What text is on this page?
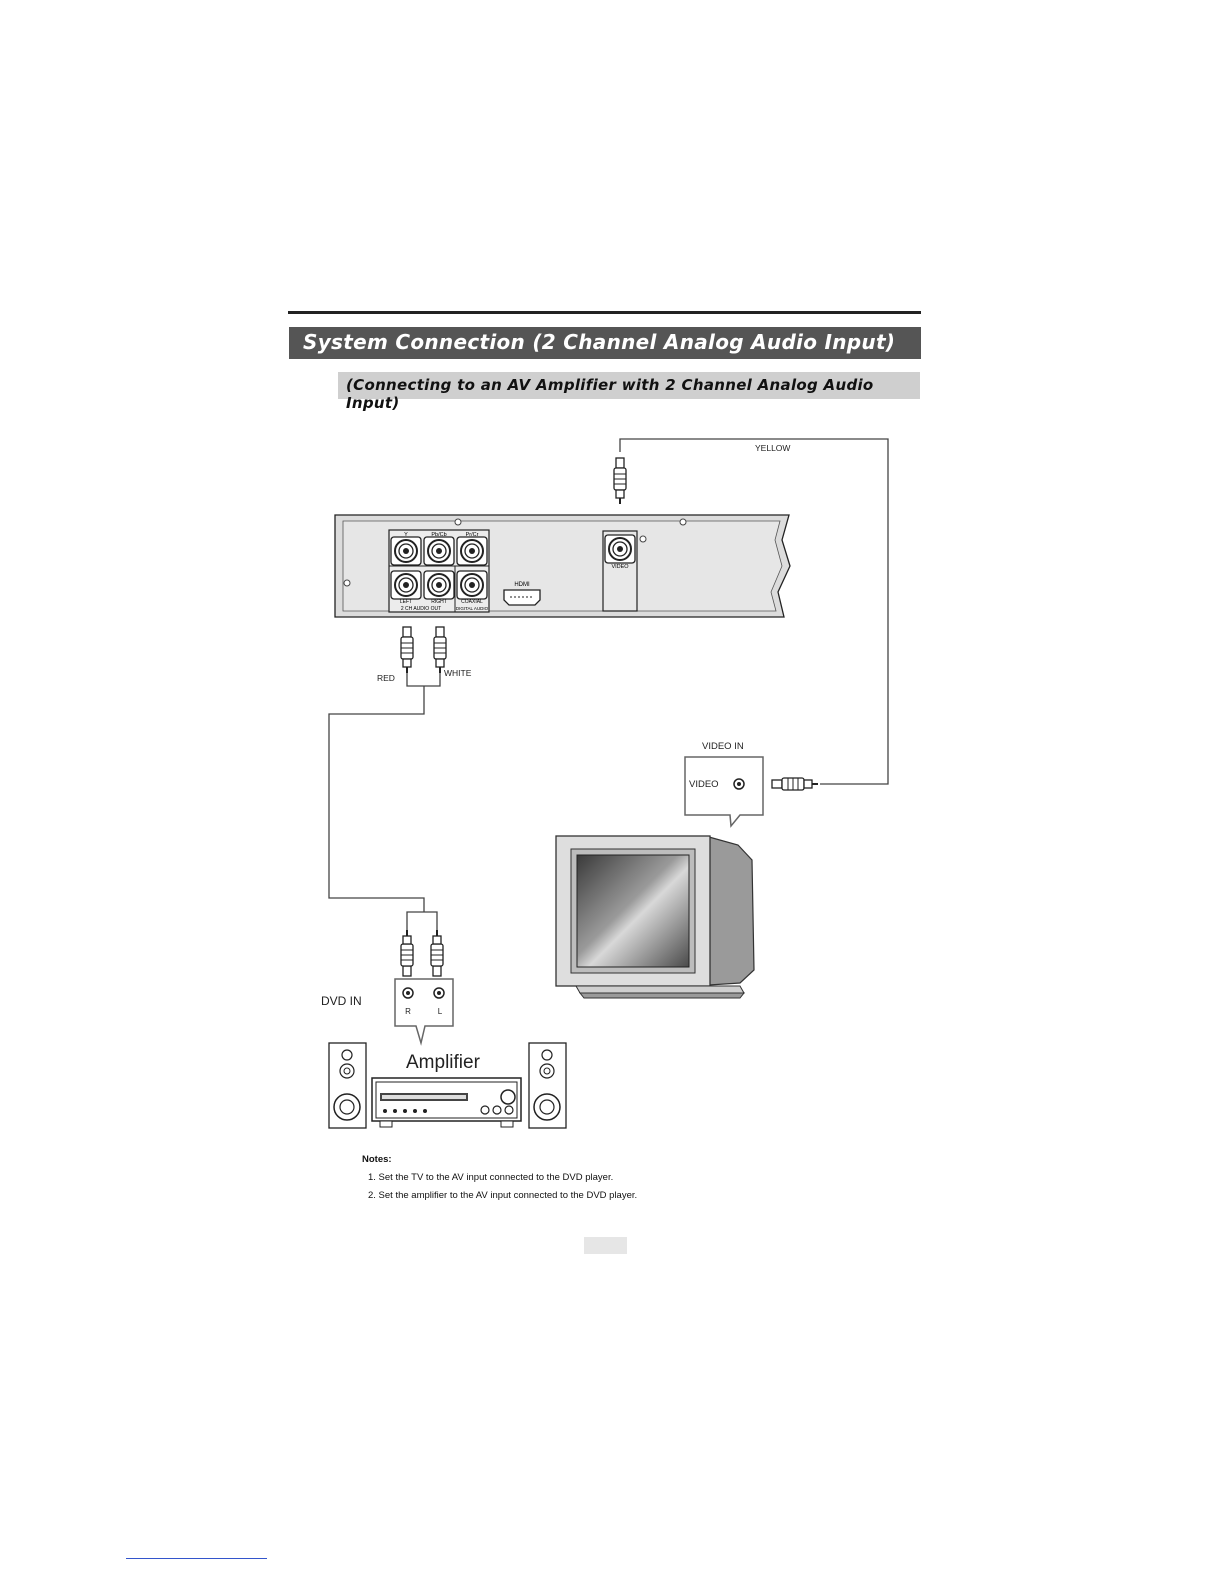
System Connection (2 Channel Analog Audio Input)
(Connecting to an AV Amplifier with 2 Channel Analog Audio Input)
YELLOW
RED	WHITE
Y	Pb/Cb	Pr/Cr
LEFT	RIGHT	COAXIAL
2 CH AUDIO OUT	DIGITAL AUDIO
HDMI
VIDEO
VIDEO IN
VIDEO
DVD IN
R	L
Amplifier
Notes:
1. Set the TV to the AV input connected to the DVD player.
2. Set the amplifier to the AV input connected to the DVD player.
